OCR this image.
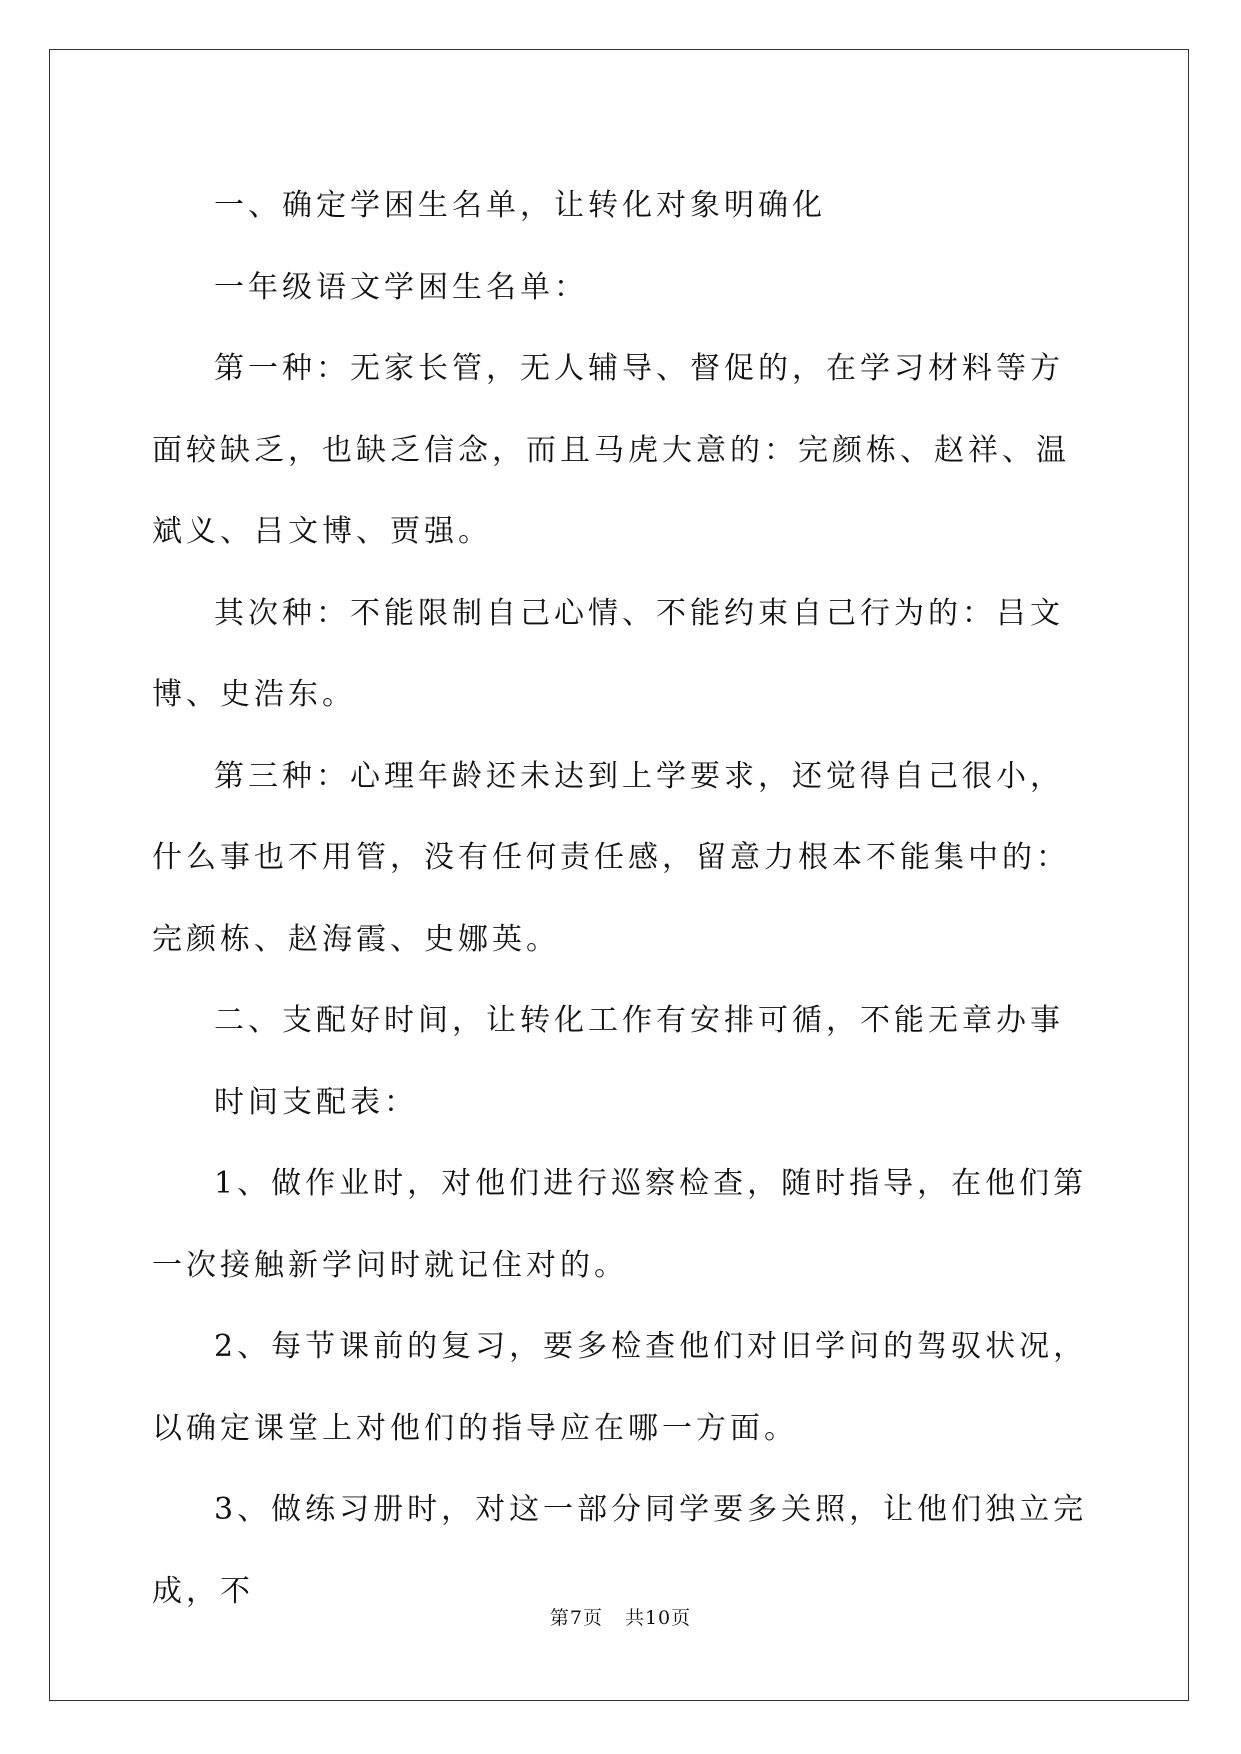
一、确定学困生名单，让转化对象明确化

一年级语文学困生名单：

第一种：无家长管，无人辅导、督促的，在学习材料等方面较缺乏，也缺乏信念，而且马虎大意的：完颜栋、赵祥、温斌义、吕文博、贾强。

其次种：不能限制自己心情、不能约束自己行为的：吕文博、史浩东。

第三种：心理年龄还未达到上学要求，还觉得自己很小，什么事也不用管，没有任何责任感，留意力根本不能集中的：完颜栋、赵海霞、史娜英。

二、支配好时间，让转化工作有安排可循，不能无章办事

时间支配表：

1、做作业时，对他们进行巡察检查，随时指导，在他们第一次接触新学问时就记住对的。

2、每节课前的复习，要多检查他们对旧学问的驾驭状况，以确定课堂上对他们的指导应在哪一方面。

3、做练习册时，对这一部分同学要多关照，让他们独立完成，不

第7页 共10页
